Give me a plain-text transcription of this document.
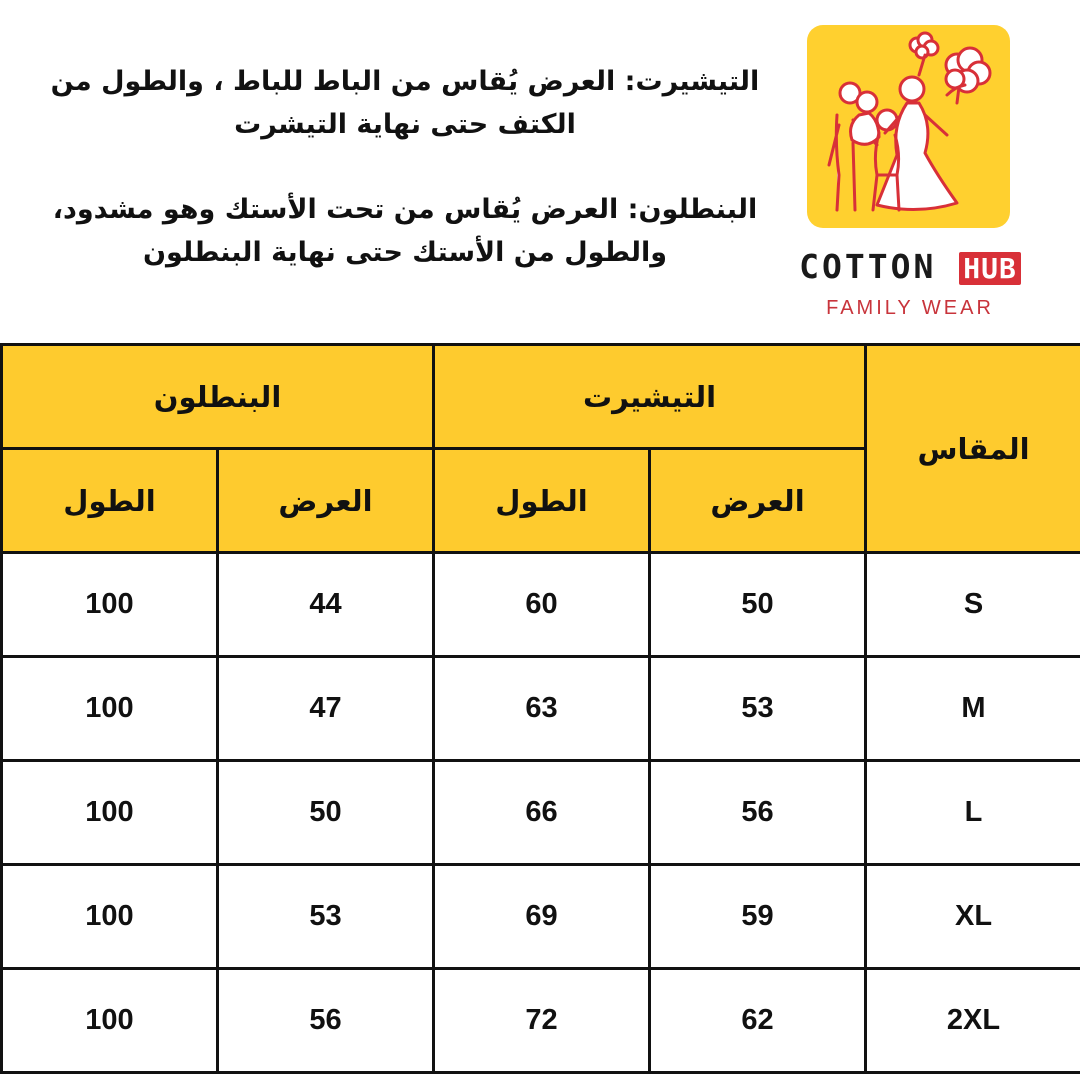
التيشيرت: العرض يُقاس من الباط للباط ، والطول من

الكتف حتى نهاية التيشرت

البنطلون: العرض يُقاس من تحت الأستك وهو مشدود،

والطول من الأستك حتى نهاية البنطلون	COTTON HUB
FAMILY WEAR
المقاس	التيشيرت		البنطلون	
	العرض	الطول	العرض	الطول
S	50	60	44	100
M	53	63	47	100
L	56	66	50	100
XL	59	69	53	100
2XL	62	72	56	100
